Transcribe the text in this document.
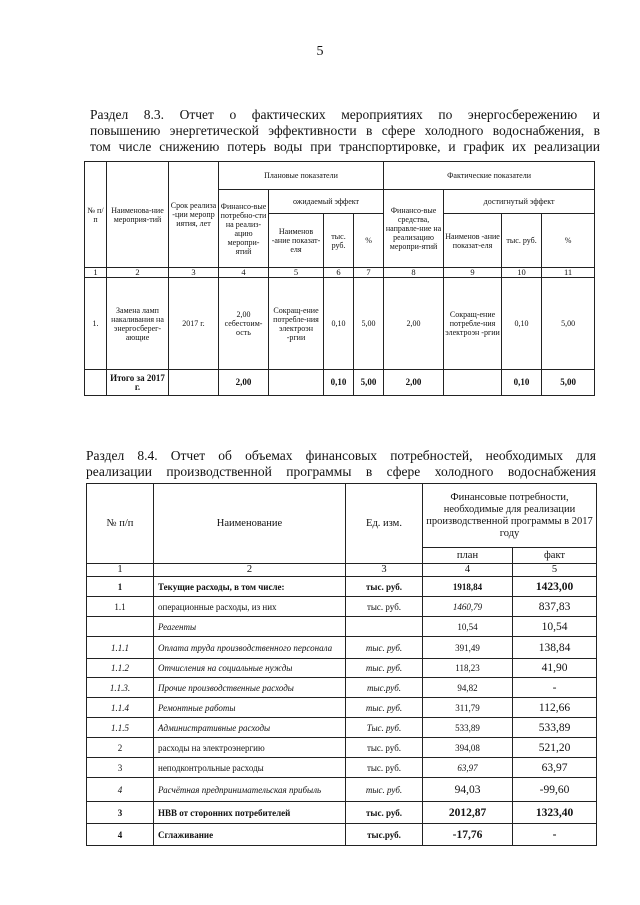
5
Раздел 8.3. Отчет о фактических мероприятиях по энергосбережению и
повышению энергетической эффективности в сфере холодного водоснабжения, в
том числе снижению потерь воды при транспортировке, и график их реализации
№ п/п	Наименова-ние мероприя-тий	Срок реализа -ции меропр иятия, лет	Плановые показатели				Фактические показатели			
			Финансо-вые потребно-сти на реализ-ацию меропри-ятий	ожидаемый эффект			Финансо-вые средства, направле-ние на реализацию меропри-ятий	достигнутый эффект		
				Наименов -ание показат-еля	тыс. руб.	%		Наименов -ание показат-еля	тыс. руб.	%
1	2	3	4	5	6	7	8	9	10	11
1.	Замена ламп накаливания на энергосберег-ающие	2017 г.	2,00 себестоим-ость	Сокращ-ение потребле-ния электроэн -ргии	0,10	5,00	2,00	Сокращ-ение потребле-ния электроэн -ргии	0,10	5,00
	Итого за 2017 г.		2,00		0,10	5,00	2,00		0,10	5,00
Раздел 8.4. Отчет об объемах финансовых потребностей, необходимых для
реализации производственной программы в сфере холодного водоснабжения
№ п/п	Наименование	Ед. изм.	Финансовые потребности, необходимые для реализации производственной программы в 2017 году	
			план	факт
1	2	3	4	5
1	Текущие расходы, в том числе:	тыс. руб.	1918,84	1423,00
1.1	операционные расходы, из них	тыс. руб.	1460,79	837,83
	Реагенты		10,54	10,54
1.1.1	Оплата труда производственного персонала	тыс. руб.	391,49	138,84
1.1.2	Отчисления на социальные нужды	тыс. руб.	118,23	41,90
1.1.3.	Прочие производственные расходы	тыс.руб.	94,82	-
1.1.4	Ремонтные работы	тыс. руб.	311,79	112,66
1.1.5	Административные расходы	Тыс. руб.	533,89	533,89
2	расходы на электроэнергию	тыс. руб.	394,08	521,20
3	неподконтрольные расходы	тыс. руб.	63,97	63,97
4	Расчётная предпринимательская прибыль	тыс. руб.	94,03	-99,60
3	НВВ от сторонних потребителей	тыс. руб.	2012,87	1323,40
4	Сглаживание	тыс.руб.	-17,76	-
